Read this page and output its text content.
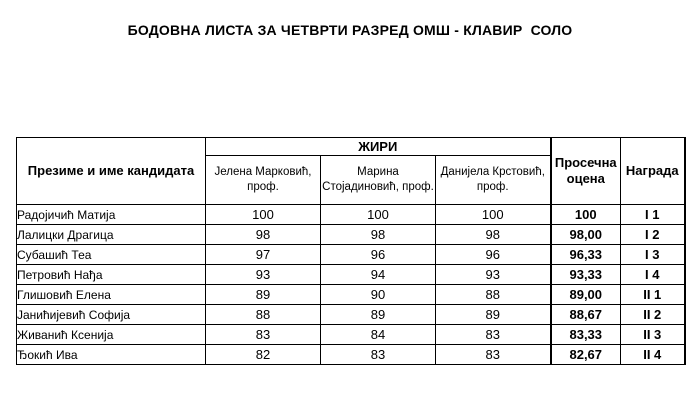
БОДОВНА ЛИСТА ЗА ЧЕТВРТИ РАЗРЕД ОМШ - КЛАВИР  СОЛО
Презиме и име кандидата	ЖИРИ			Просечна оцена	Награда
	Јелена Марковић, проф.	Марина Стојадиновић, проф.	Данијела Крстовић, проф.		
Радојичић Матија	100	100	100	100	I 1
Лалицки Драгица	98	98	98	98,00	I 2
Субашић Теа	97	96	96	96,33	I 3
Петровић Нађа	93	94	93	93,33	I 4
Глишовић Елена	89	90	88	89,00	II 1
Јанићијевић Софија	88	89	89	88,67	II 2
Живанић Ксенија	83	84	83	83,33	II 3
Ђокић Ива	82	83	83	82,67	II 4
